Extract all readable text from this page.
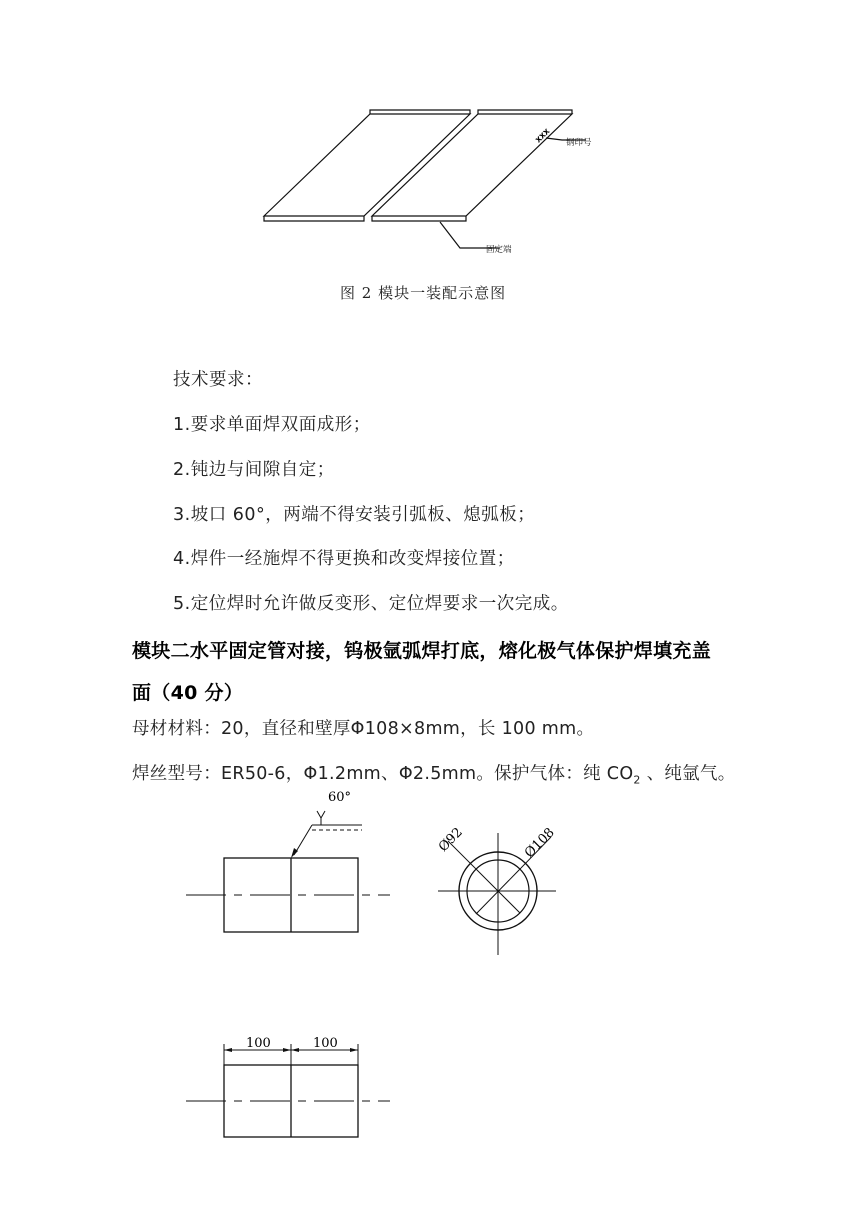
XXX 钢印号
固定端
图 2 模块一装配示意图
技术要求：
1.要求单面焊双面成形；
2.钝边与间隙自定；
3.坡口 60°，两端不得安装引弧板、熄弧板；
4.焊件一经施焊不得更换和改变焊接位置；
5.定位焊时允许做反变形、定位焊要求一次完成。
模块二水平固定管对接，钨极氩弧焊打底，熔化极气体保护焊填充盖
面（40 分）
母材材料：20，直径和壁厚Φ108×8mm，长 100 mm。
焊丝型号：ER50-6，Φ1.2mm、Φ2.5mm。保护气体：纯 $CO_2$ 、纯氩气。
60°
Ø92	Ø108
100	100
